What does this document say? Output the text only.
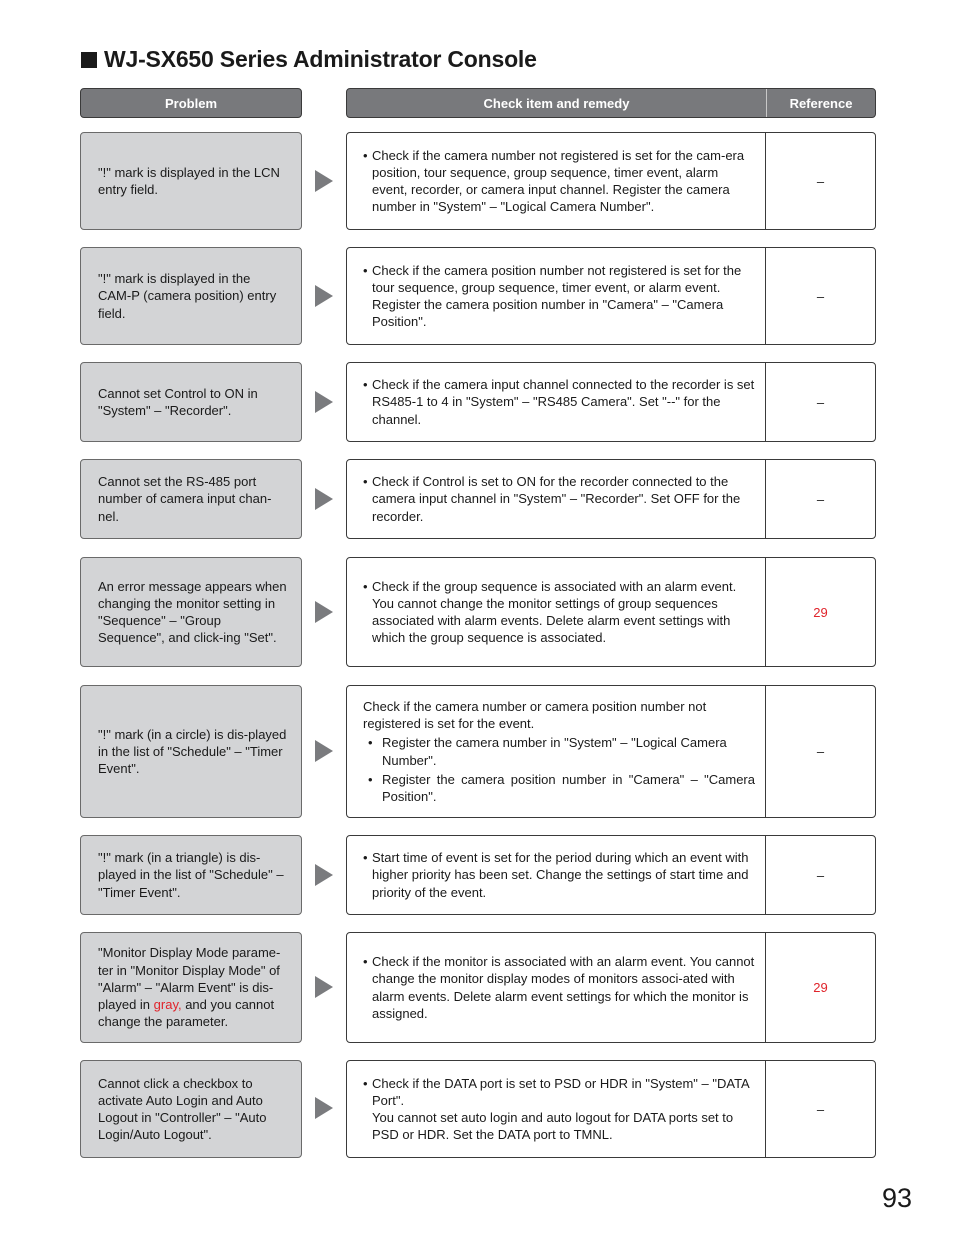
WJ-SX650 Series Administrator Console
Problem	Check item and remedy	Reference
"!" mark is displayed in the LCN entry field.
• Check if the camera number not registered is set for the cam-era position, tour sequence, group sequence, timer event, alarm event, recorder, or camera input channel. Register the camera number in "System" – "Logical Camera Number".
–
"!" mark is displayed in the CAM-P (camera position) entry field.
• Check if the camera position number not registered is set for the tour sequence, group sequence, timer event, or alarm event. Register the camera position number in "Camera" – "Camera Position".
–
Cannot set Control to ON in "System" – "Recorder".
• Check if the camera input channel connected to the recorder is set RS485-1 to 4 in "System" – "RS485 Camera". Set "--" for the channel.
–
Cannot set the RS-485 port number of camera input chan-nel.
• Check if Control is set to ON for the recorder connected to the camera input channel in "System" – "Recorder". Set OFF for the recorder.
–
An error message appears when changing the monitor setting in "Sequence" – "Group Sequence", and click-ing "Set".
• Check if the group sequence is associated with an alarm event. You cannot change the monitor settings of group sequences associated with alarm events. Delete alarm event settings with which the group sequence is associated.
29
"!" mark (in a circle) is dis-played in the list of "Schedule" – "Timer Event".
Check if the camera number or camera position number not registered is set for the event.
• Register the camera number in "System" – "Logical Camera Number".
• Register the camera position number in "Camera" – "Camera Position".
–
"!" mark (in a triangle) is dis-played in the list of "Schedule" – "Timer Event".
• Start time of event is set for the period during which an event with higher priority has been set. Change the settings of start time and priority of the event.
–
"Monitor Display Mode parame-ter in "Monitor Display Mode" of "Alarm" – "Alarm Event" is dis-played in gray, and you cannot change the parameter.
• Check if the monitor is associated with an alarm event. You cannot change the monitor display modes of monitors associ-ated with alarm events. Delete alarm event settings for which the monitor is assigned.
29
Cannot click a checkbox to activate Auto Login and Auto Logout in "Controller" – "Auto Login/Auto Logout".
• Check if the DATA port is set to PSD or HDR in "System" – "DATA Port".
You cannot set auto login and auto logout for DATA ports set to PSD or HDR. Set the DATA port to TMNL.
–
93
